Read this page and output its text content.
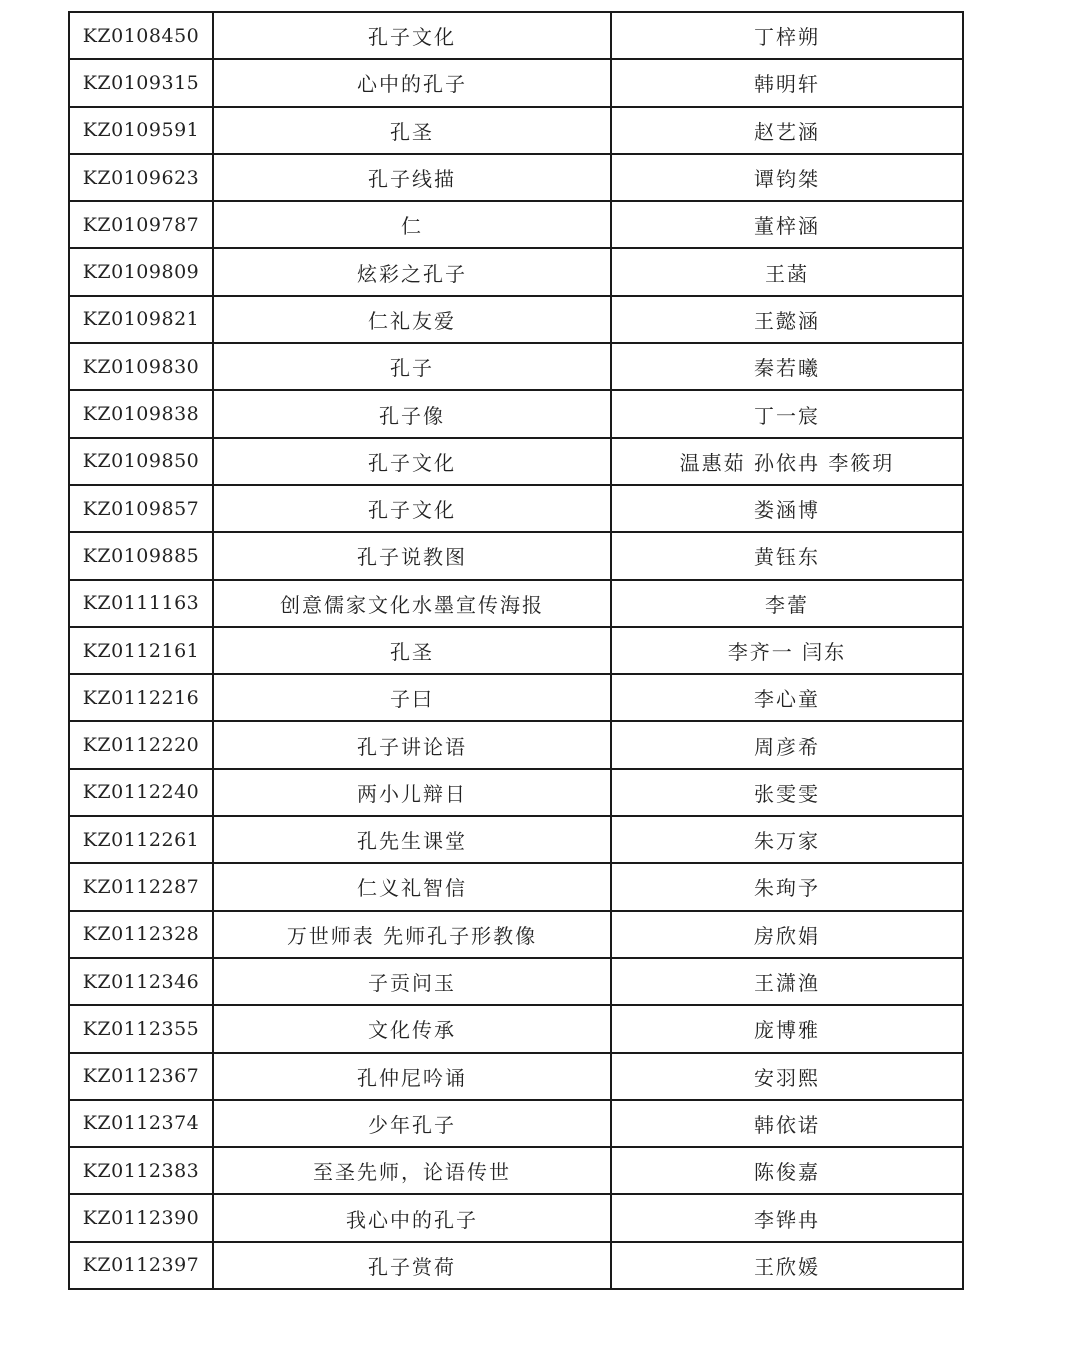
KZ0108450	孔子文化	丁梓朔
KZ0109315	心中的孔子	韩明轩
KZ0109591	孔圣	赵艺涵
KZ0109623	孔子线描	谭钧桀
KZ0109787	仁	董梓涵
KZ0109809	炫彩之孔子	王菡
KZ0109821	仁礼友爱	王懿涵
KZ0109830	孔子	秦若曦
KZ0109838	孔子像	丁一宸
KZ0109850	孔子文化	温惠茹 孙依冉 李筱玥
KZ0109857	孔子文化	娄涵博
KZ0109885	孔子说教图	黄钰东
KZ0111163	创意儒家文化水墨宣传海报	李蕾
KZ0112161	孔圣	李齐一 闫东
KZ0112216	子曰	李心童
KZ0112220	孔子讲论语	周彦希
KZ0112240	两小儿辩日	张雯雯
KZ0112261	孔先生课堂	朱万家
KZ0112287	仁义礼智信	朱珣予
KZ0112328	万世师表 先师孔子形教像	房欣娟
KZ0112346	子贡问玉	王潇渔
KZ0112355	文化传承	庞博雅
KZ0112367	孔仲尼吟诵	安羽熙
KZ0112374	少年孔子	韩依诺
KZ0112383	至圣先师，论语传世	陈俊嘉
KZ0112390	我心中的孔子	李铧冉
KZ0112397	孔子赏荷	王欣媛
